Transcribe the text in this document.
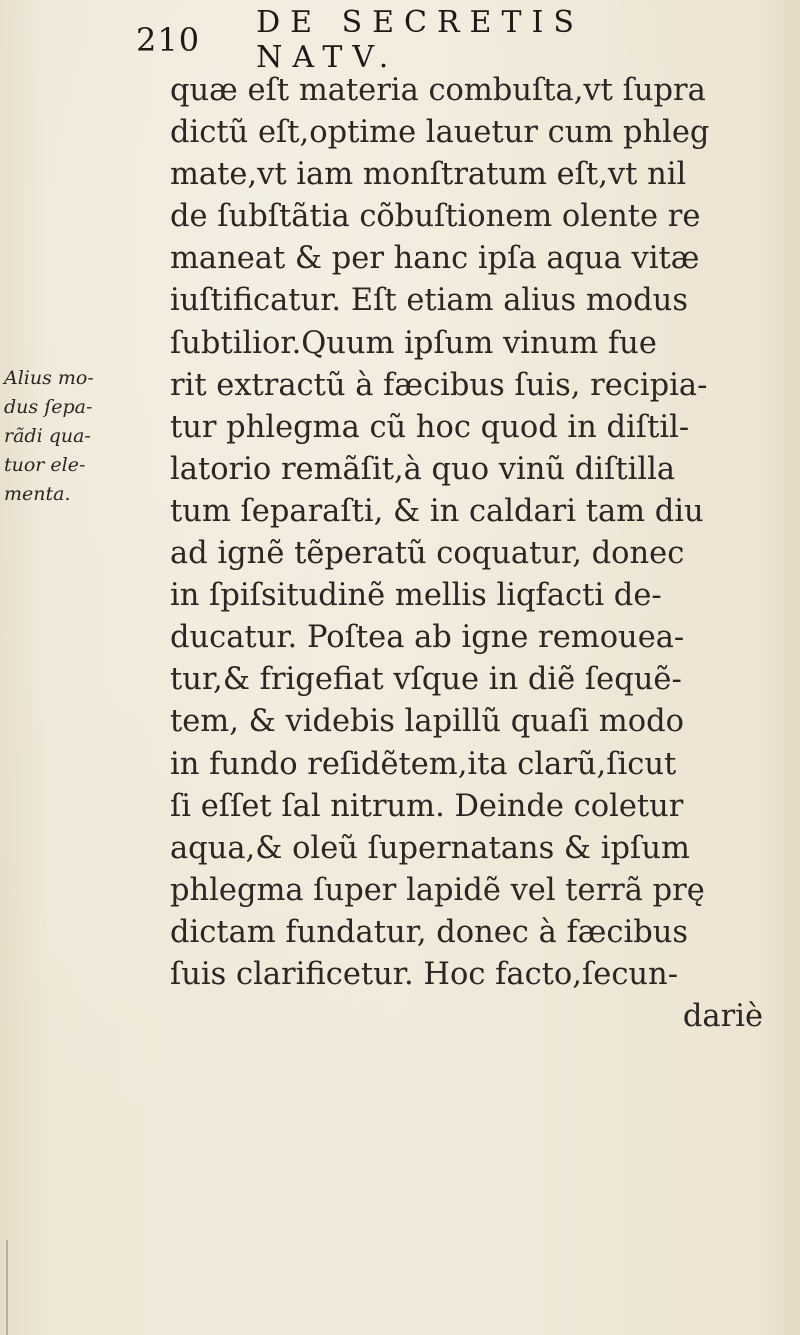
210 DE SECRETIS NATV.
quæ eſt materia combuſta,vt ſupra
dictũ eſt,optime lauetur cum phleg
mate,vt iam monſtratum eſt,vt nil
de ſubſtãtia cõbuſtionem olente re
maneat & per hanc ipſa aqua vitæ
iuſtificatur. Eſt etiam alius modus
ſubtilior.Quum ipſum vinum fue
rit extractũ à fæcibus ſuis, recipia-
tur phlegma cũ hoc quod in diſtil-
latorio remãſit,à quo vinũ diſtilla
tum ſeparaſti, & in caldari tam diu
ad ignẽ tẽperatũ coquatur, donec
in ſpiſsitudinẽ mellis liqfacti de-
ducatur. Poſtea ab igne remouea-
tur,& frigefiat vſque in diẽ ſequẽ-
tem, & videbis lapillũ quaſi modo
in fundo reſidẽtem,ita clarũ,ſicut
ſi eſſet ſal nitrum. Deinde coletur
aqua,& oleũ ſupernatans & ipſum
phlegma ſuper lapidẽ vel terrã prę
dictam fundatur, donec à fæcibus
ſuis clarificetur. Hoc facto,ſecun-
dariè
Alius mo-
dus ſepa-
rãdi qua-
tuor ele-
menta.
